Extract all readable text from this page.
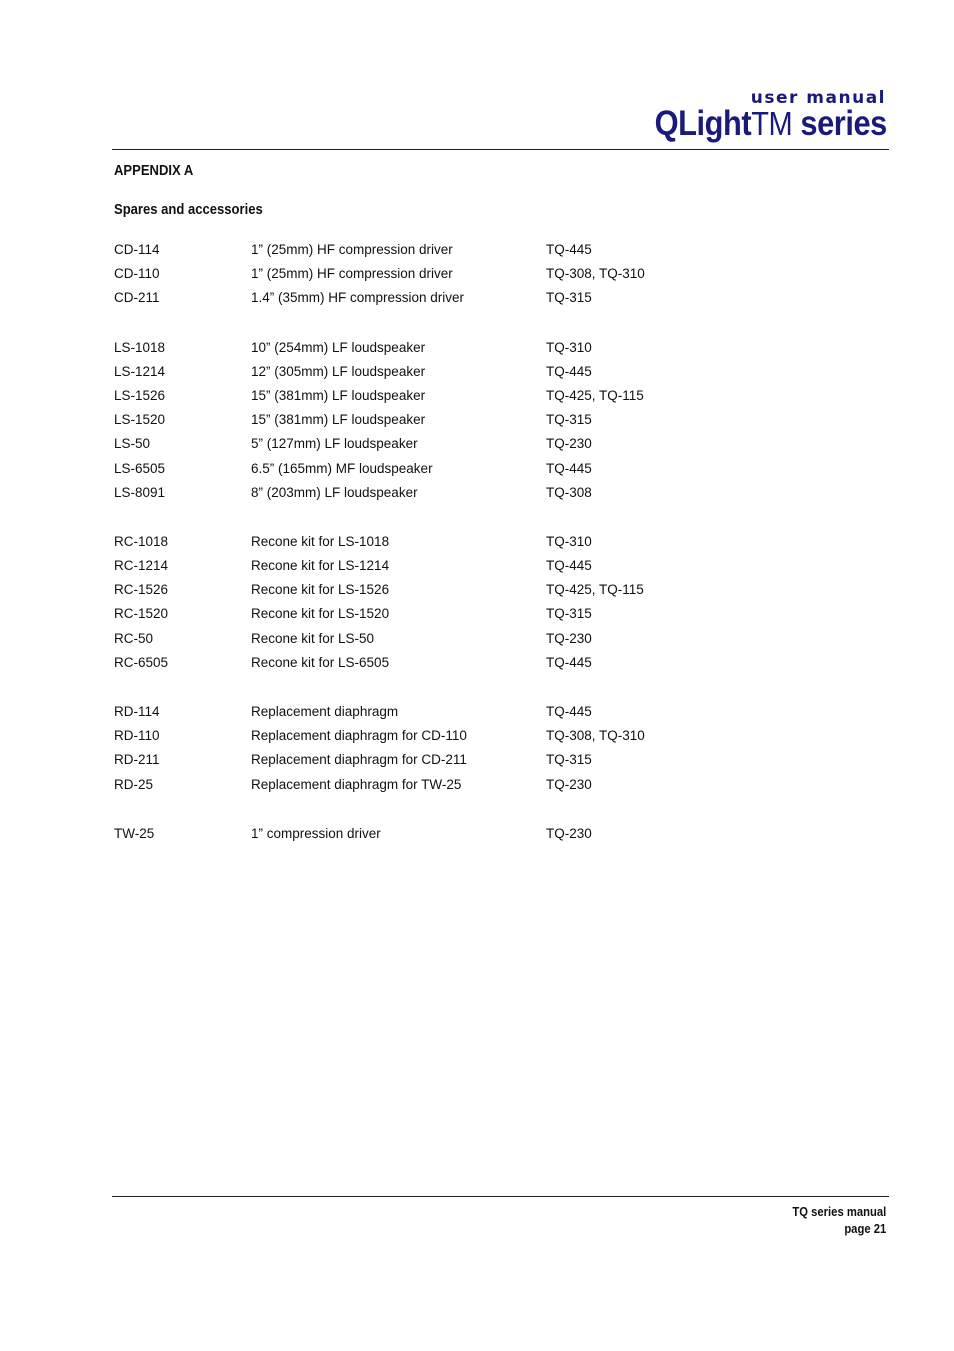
user manual
QLightTM series
APPENDIX A
Spares and accessories
CD-114	1” (25mm) HF compression driver	TQ-445
CD-110	1” (25mm) HF compression driver	TQ-308, TQ-310
CD-211	1.4” (35mm) HF compression driver	TQ-315
LS-1018	10” (254mm) LF loudspeaker	TQ-310
LS-1214	12” (305mm) LF loudspeaker	TQ-445
LS-1526	15” (381mm) LF loudspeaker	TQ-425, TQ-115
LS-1520	15” (381mm) LF loudspeaker	TQ-315
LS-50	5” (127mm) LF loudspeaker	TQ-230
LS-6505	6.5” (165mm) MF loudspeaker	TQ-445
LS-8091	8” (203mm) LF loudspeaker	TQ-308
RC-1018	Recone kit for LS-1018	TQ-310
RC-1214	Recone kit for LS-1214	TQ-445
RC-1526	Recone kit for LS-1526	TQ-425, TQ-115
RC-1520	Recone kit for LS-1520	TQ-315
RC-50	Recone kit for LS-50	TQ-230
RC-6505	Recone kit for LS-6505	TQ-445
RD-114	Replacement diaphragm	TQ-445
RD-110	Replacement diaphragm for CD-110	TQ-308, TQ-310
RD-211	Replacement diaphragm for CD-211	TQ-315
RD-25	Replacement diaphragm for TW-25	TQ-230
TW-25	1” compression driver	TQ-230
TQ series manual
page 21
